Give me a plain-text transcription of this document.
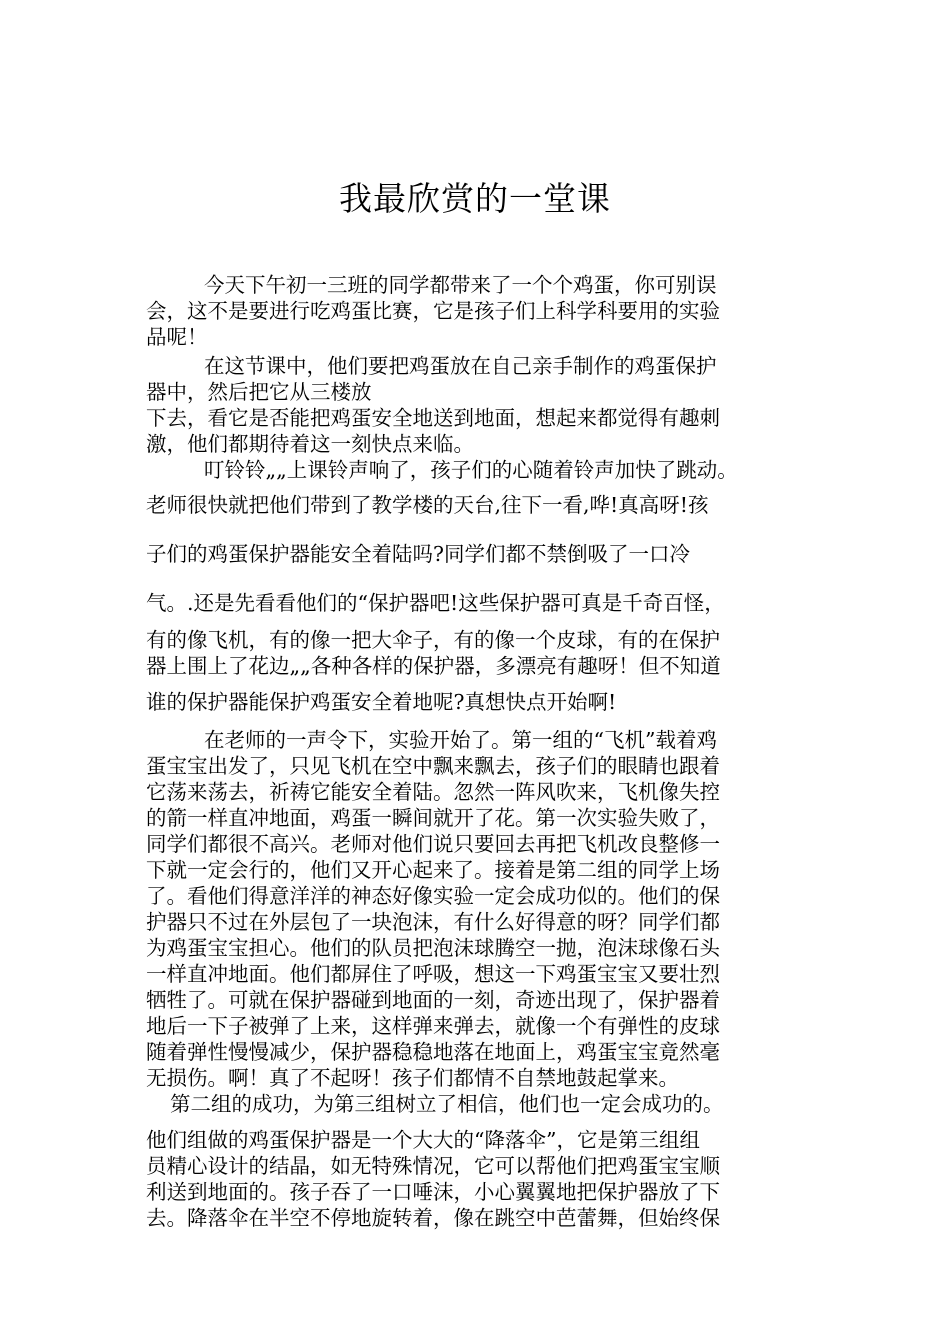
我最欣赏的一堂课
今天下午初一三班的同学都带来了一个个鸡蛋，你可别误
会，这不是要进行吃鸡蛋比赛，它是孩子们上科学科要用的实验
品呢！
在这节课中，他们要把鸡蛋放在自己亲手制作的鸡蛋保护
器中，然后把它从三楼放
下去，看它是否能把鸡蛋安全地送到地面，想起来都觉得有趣刺
激，他们都期待着这一刻快点来临。
叮铃铃„„上课铃声响了，孩子们的心随着铃声加快了跳动。
老师很快就把他们带到了教学楼的天台,往下一看,哗!真高呀!孩
子们的鸡蛋保护器能安全着陆吗?同学们都不禁倒吸了一口冷
气。.还是先看看他们的“保护器吧!这些保护器可真是千奇百怪，
有的像飞机，有的像一把大伞子，有的像一个皮球，有的在保护
器上围上了花边„„各种各样的保护器，多漂亮有趣呀！但不知道
谁的保护器能保护鸡蛋安全着地呢?真想快点开始啊!
在老师的一声令下，实验开始了。第一组的“飞机”载着鸡
蛋宝宝出发了，只见飞机在空中飘来飘去，孩子们的眼睛也跟着
它荡来荡去，祈祷它能安全着陆。忽然一阵风吹来，飞机像失控
的箭一样直冲地面，鸡蛋一瞬间就开了花。第一次实验失败了，
同学们都很不高兴。老师对他们说只要回去再把飞机改良整修一
下就一定会行的，他们又开心起来了。接着是第二组的同学上场
了。看他们得意洋洋的神态好像实验一定会成功似的。他们的保
护器只不过在外层包了一块泡沫，有什么好得意的呀？同学们都
为鸡蛋宝宝担心。他们的队员把泡沫球腾空一抛，泡沫球像石头
一样直冲地面。他们都屏住了呼吸，想这一下鸡蛋宝宝又要壮烈
牺牲了。可就在保护器碰到地面的一刻，奇迹出现了，保护器着
地后一下子被弹了上来，这样弹来弹去，就像一个有弹性的皮球
随着弹性慢慢减少，保护器稳稳地落在地面上，鸡蛋宝宝竟然毫
无损伤。啊！真了不起呀！孩子们都情不自禁地鼓起掌来。
第二组的成功，为第三组树立了相信，他们也一定会成功的。
他们组做的鸡蛋保护器是一个大大的“降落伞”，它是第三组组
员精心设计的结晶，如无特殊情况，它可以帮他们把鸡蛋宝宝顺
利送到地面的。孩子吞了一口唾沫，小心翼翼地把保护器放了下
去。降落伞在半空不停地旋转着，像在跳空中芭蕾舞，但始终保
